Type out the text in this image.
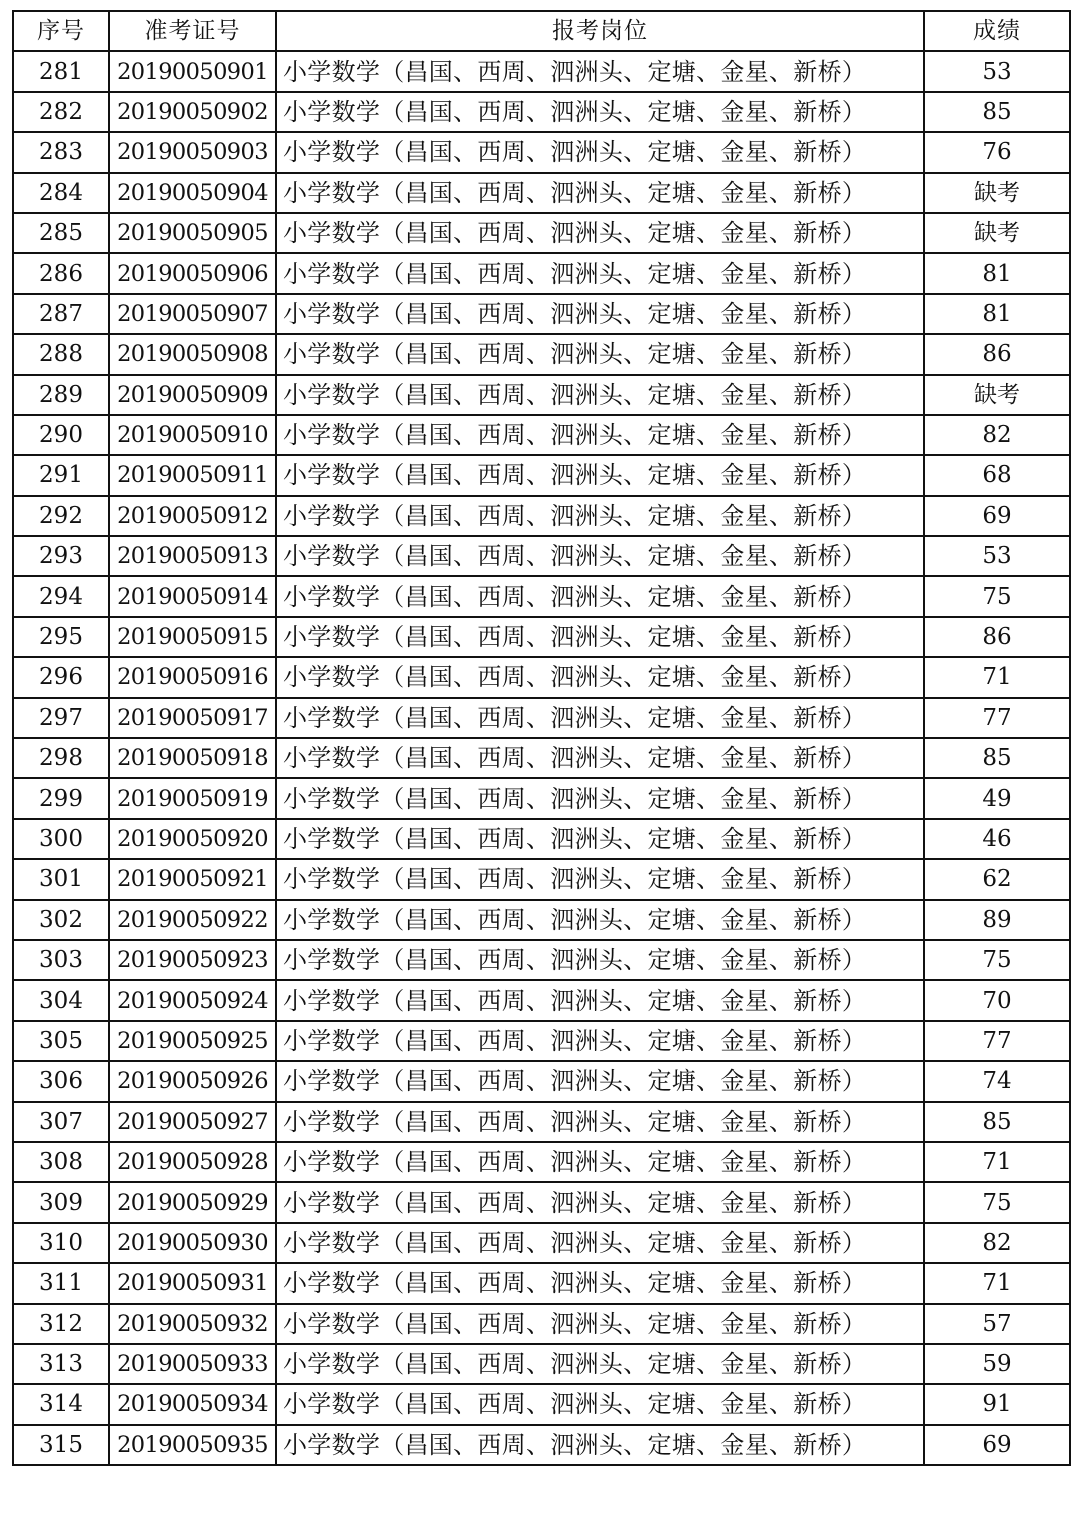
序号	准考证号	报考岗位	成绩
281	20190050901	小学数学（昌国、西周、泗洲头、定塘、金星、新桥）	53
282	20190050902	小学数学（昌国、西周、泗洲头、定塘、金星、新桥）	85
283	20190050903	小学数学（昌国、西周、泗洲头、定塘、金星、新桥）	76
284	20190050904	小学数学（昌国、西周、泗洲头、定塘、金星、新桥）	缺考
285	20190050905	小学数学（昌国、西周、泗洲头、定塘、金星、新桥）	缺考
286	20190050906	小学数学（昌国、西周、泗洲头、定塘、金星、新桥）	81
287	20190050907	小学数学（昌国、西周、泗洲头、定塘、金星、新桥）	81
288	20190050908	小学数学（昌国、西周、泗洲头、定塘、金星、新桥）	86
289	20190050909	小学数学（昌国、西周、泗洲头、定塘、金星、新桥）	缺考
290	20190050910	小学数学（昌国、西周、泗洲头、定塘、金星、新桥）	82
291	20190050911	小学数学（昌国、西周、泗洲头、定塘、金星、新桥）	68
292	20190050912	小学数学（昌国、西周、泗洲头、定塘、金星、新桥）	69
293	20190050913	小学数学（昌国、西周、泗洲头、定塘、金星、新桥）	53
294	20190050914	小学数学（昌国、西周、泗洲头、定塘、金星、新桥）	75
295	20190050915	小学数学（昌国、西周、泗洲头、定塘、金星、新桥）	86
296	20190050916	小学数学（昌国、西周、泗洲头、定塘、金星、新桥）	71
297	20190050917	小学数学（昌国、西周、泗洲头、定塘、金星、新桥）	77
298	20190050918	小学数学（昌国、西周、泗洲头、定塘、金星、新桥）	85
299	20190050919	小学数学（昌国、西周、泗洲头、定塘、金星、新桥）	49
300	20190050920	小学数学（昌国、西周、泗洲头、定塘、金星、新桥）	46
301	20190050921	小学数学（昌国、西周、泗洲头、定塘、金星、新桥）	62
302	20190050922	小学数学（昌国、西周、泗洲头、定塘、金星、新桥）	89
303	20190050923	小学数学（昌国、西周、泗洲头、定塘、金星、新桥）	75
304	20190050924	小学数学（昌国、西周、泗洲头、定塘、金星、新桥）	70
305	20190050925	小学数学（昌国、西周、泗洲头、定塘、金星、新桥）	77
306	20190050926	小学数学（昌国、西周、泗洲头、定塘、金星、新桥）	74
307	20190050927	小学数学（昌国、西周、泗洲头、定塘、金星、新桥）	85
308	20190050928	小学数学（昌国、西周、泗洲头、定塘、金星、新桥）	71
309	20190050929	小学数学（昌国、西周、泗洲头、定塘、金星、新桥）	75
310	20190050930	小学数学（昌国、西周、泗洲头、定塘、金星、新桥）	82
311	20190050931	小学数学（昌国、西周、泗洲头、定塘、金星、新桥）	71
312	20190050932	小学数学（昌国、西周、泗洲头、定塘、金星、新桥）	57
313	20190050933	小学数学（昌国、西周、泗洲头、定塘、金星、新桥）	59
314	20190050934	小学数学（昌国、西周、泗洲头、定塘、金星、新桥）	91
315	20190050935	小学数学（昌国、西周、泗洲头、定塘、金星、新桥）	69
